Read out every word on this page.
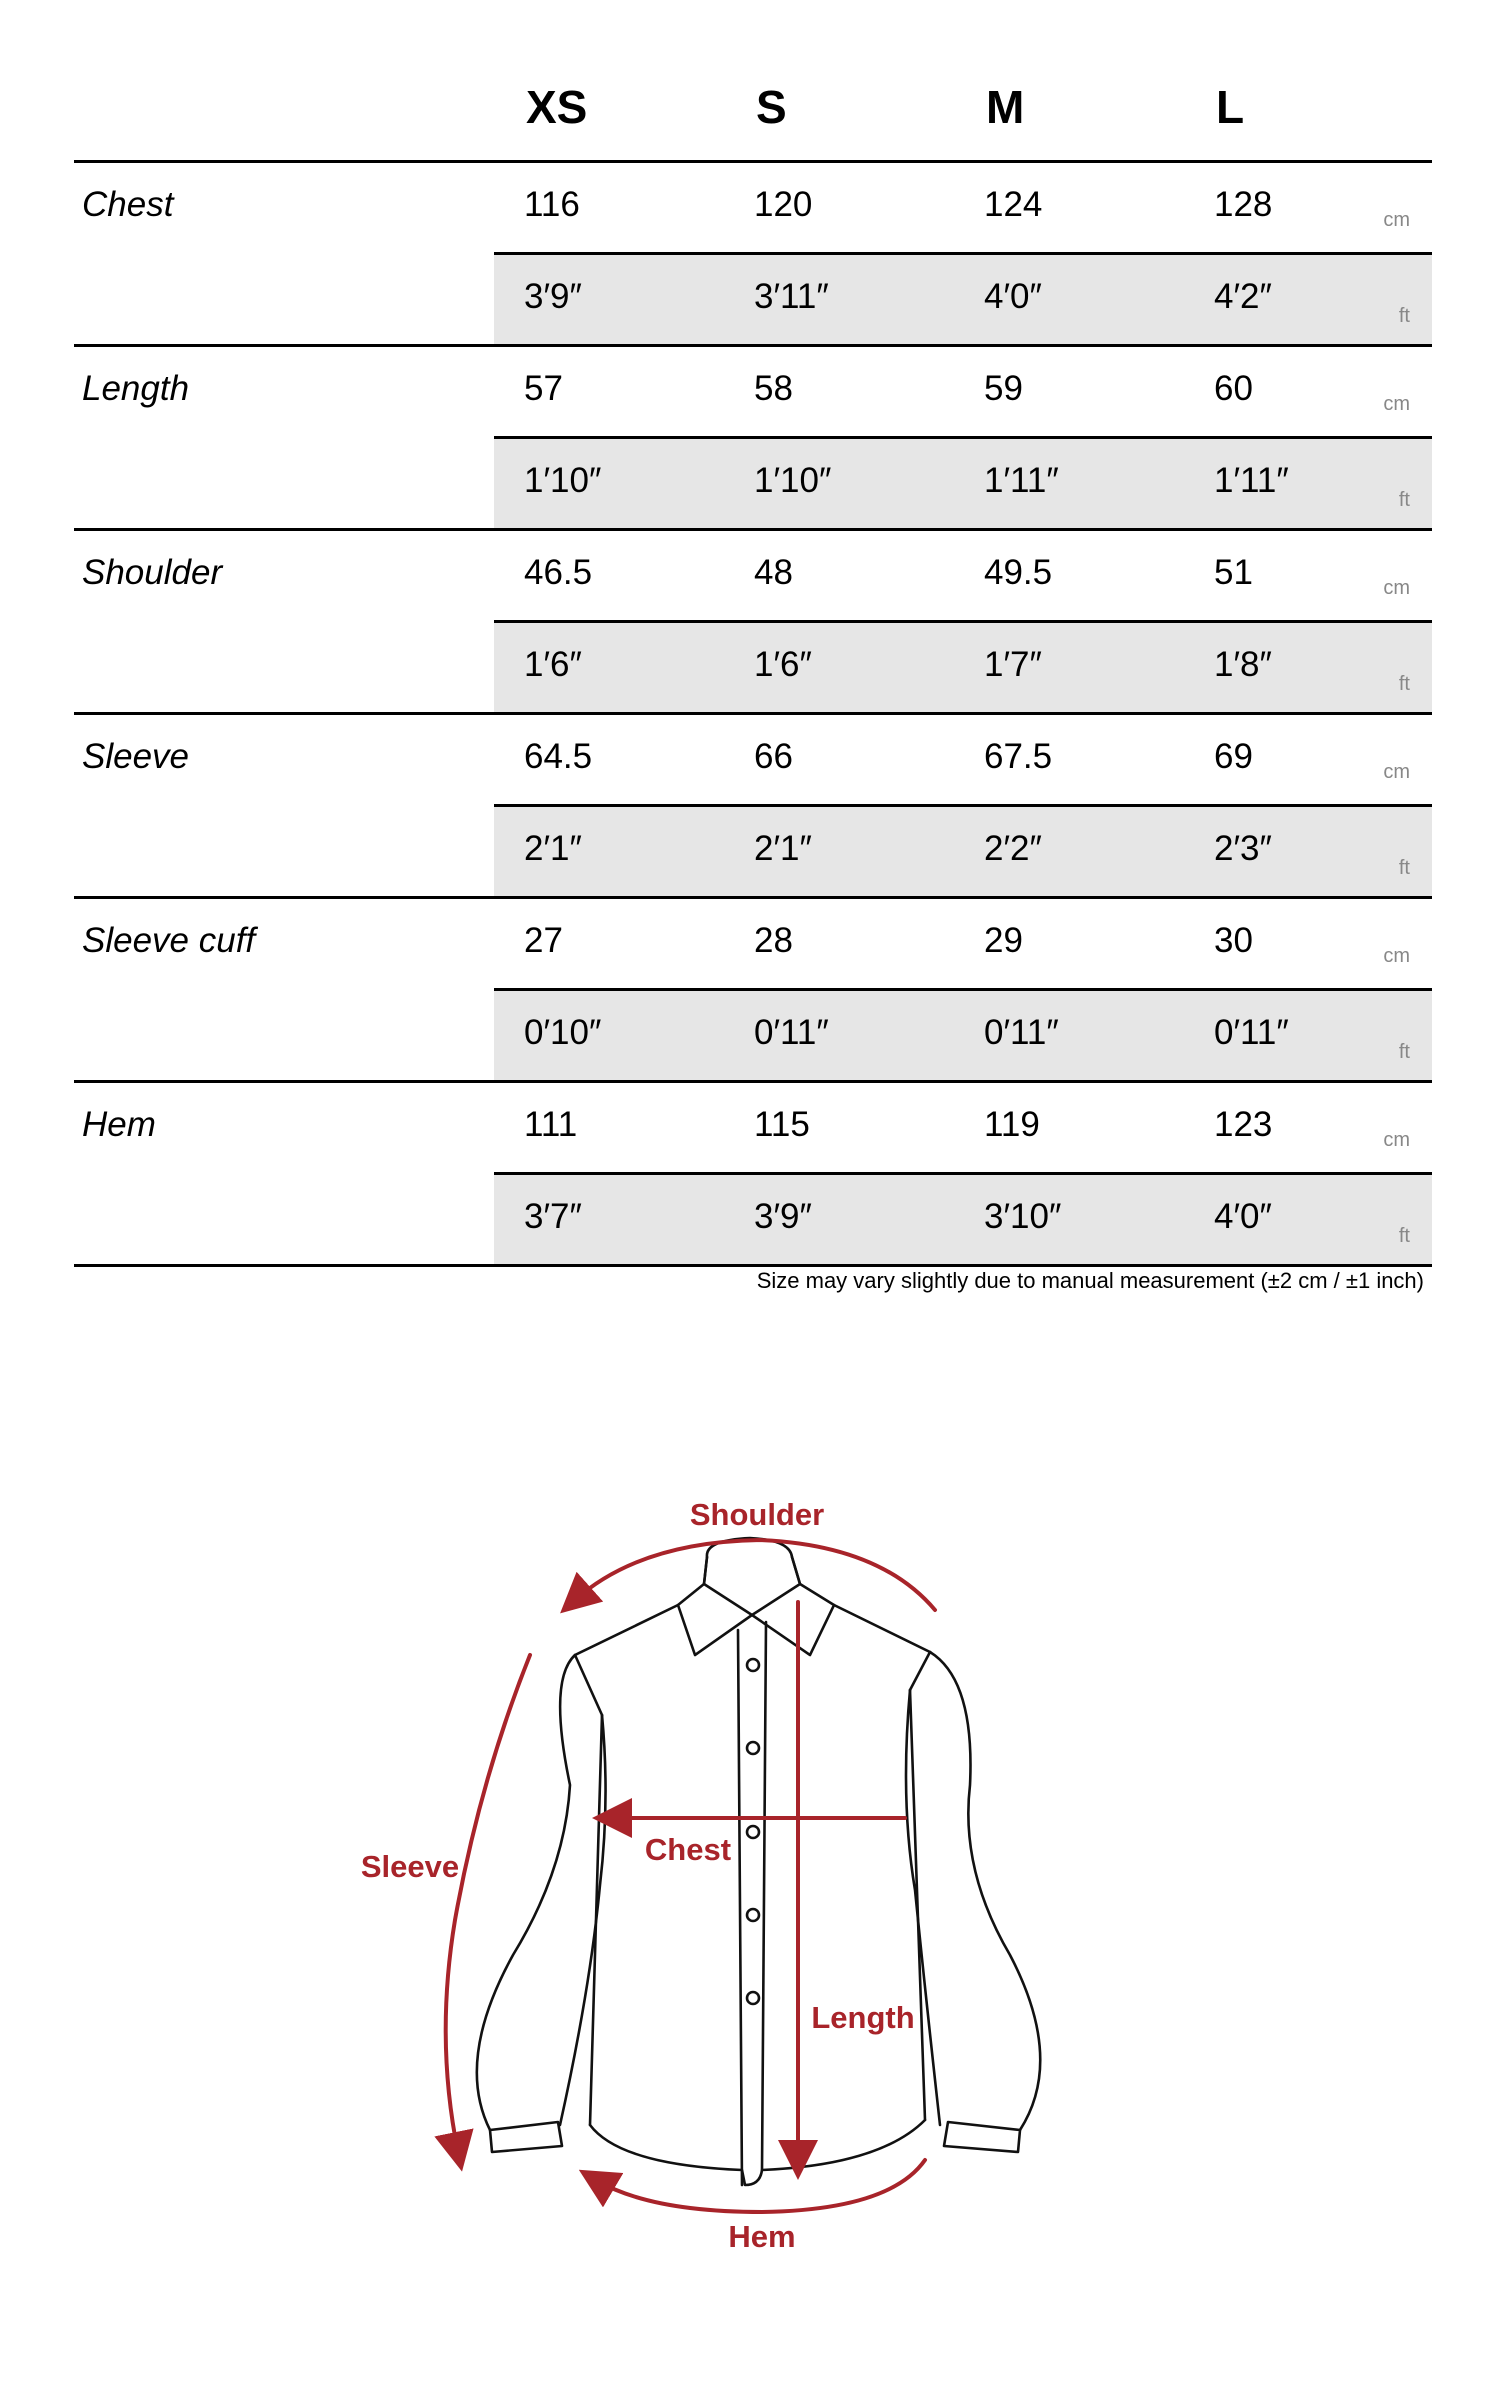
XS	S	M	L
Chest	116	120	124	128	cm
3′9″	3′11″	4′0″	4′2″	ft
Length	57	58	59	60	cm
1′10″	1′10″	1′11″	1′11″	ft
Shoulder	46.5	48	49.5	51	cm
1′6″	1′6″	1′7″	1′8″	ft
Sleeve	64.5	66	67.5	69	cm
2′1″	2′1″	2′2″	2′3″	ft
Sleeve cuff	27	28	29	30	cm
0′10″	0′11″	0′11″	0′11″	ft
Hem	111	115	119	123	cm
3′7″	3′9″	3′10″	4′0″	ft
Size may vary slightly due to manual measurement (±2 cm / ±1 inch)
Shoulder
Chest
Sleeve
Length
Hem
